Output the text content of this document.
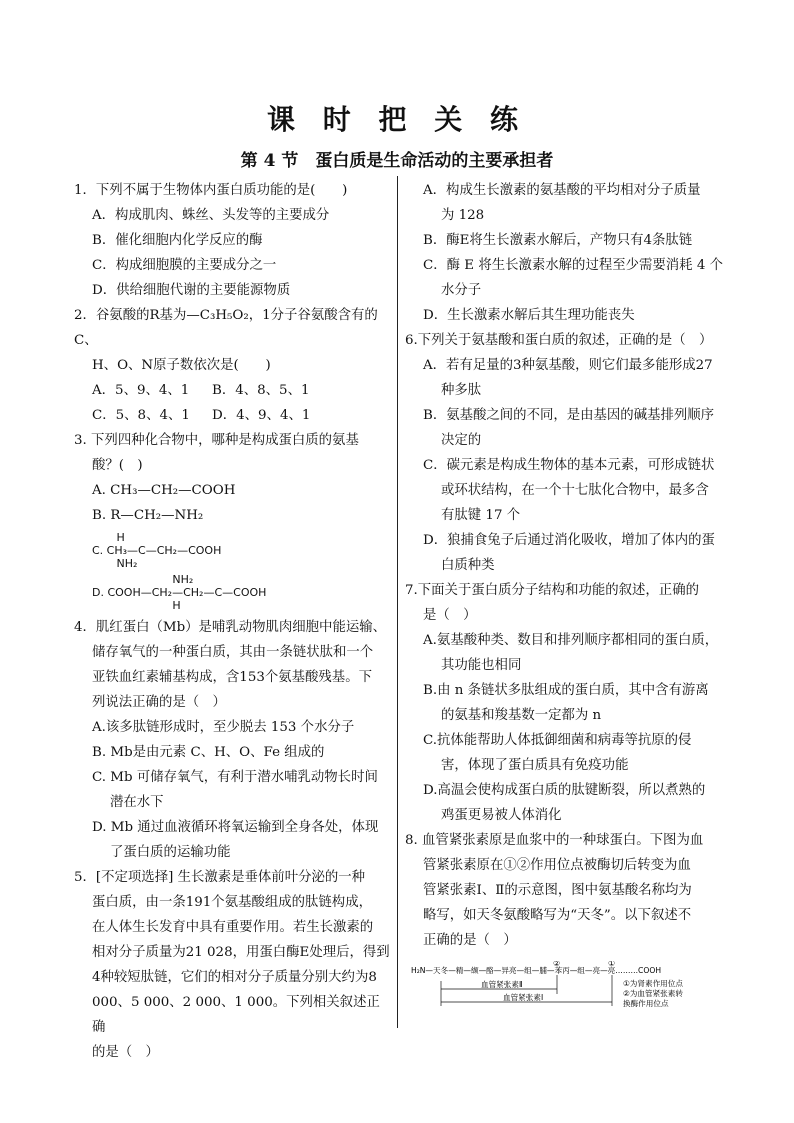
课 时 把 关 练
第 4 节　蛋白质是生命活动的主要承担者

1．下列不属于生物体内蛋白质功能的是(　　)

A．构成肌肉、蛛丝、头发等的主要成分

B．催化细胞内化学反应的酶

C．构成细胞膜的主要成分之一

D．供给细胞代谢的主要能源物质

2．谷氨酸的R基为—C₃H₅O₂，1分子谷氨酸含有的C、

H、O、N原子数依次是(　　)

A．5、9、4、1 B．4、8、5、1

C．5、8、4、1 D．4、9、4、1

3. 下列四种化合物中，哪种是构成蛋白质的氨基

酸？(　)

A. CH₃—CH₂—COOH

B. R—CH₂—NH₂

H
C. CH₃—C—CH₂—COOH
NH₂
NH₂
D. COOH—CH₂—CH₂—C—COOH
H

4．肌红蛋白（Mb）是哺乳动物肌肉细胞中能运输、

储存氧气的一种蛋白质，其由一条链状肽和一个

亚铁血红素辅基构成，含153个氨基酸残基。下

列说法正确的是（　）

A.该多肽链形成时，至少脱去 153 个水分子

B. Mb是由元素 C、H、O、Fe 组成的

C. Mb 可储存氧气，有利于潜水哺乳动物长时间

潜在水下

D. Mb 通过血液循环将氧运输到全身各处，体现

了蛋白质的运输功能

5．[不定项选择] 生长激素是垂体前叶分泌的一种

蛋白质，由一条191个氨基酸组成的肽链构成，

在人体生长发育中具有重要作用。若生长激素的

相对分子质量为21 028，用蛋白酶E处理后，得到

4种较短肽链，它们的相对分子质量分别大约为8

000、5 000、2 000、1 000。下列相关叙述正确

的是（　）

A．构成生长激素的氨基酸的平均相对分子质量

为 128

B．酶E将生长激素水解后，产物只有4条肽链

C．酶 E 将生长激素水解的过程至少需要消耗 4 个

水分子

D．生长激素水解后其生理功能丧失

6.下列关于氨基酸和蛋白质的叙述，正确的是（　）

A．若有足量的3种氨基酸，则它们最多能形成27

种多肽

B．氨基酸之间的不同，是由基因的碱基排列顺序

决定的

C．碳元素是构成生物体的基本元素，可形成链状

或环状结构，在一个十七肽化合物中，最多含

有肽键 17 个

D．狼捕食兔子后通过消化吸收，增加了体内的蛋

白质种类

7.下面关于蛋白质分子结构和功能的叙述，正确的

是（　）

A.氨基酸种类、数目和排列顺序都相同的蛋白质，

其功能也相同

B.由 n 条链状多肽组成的蛋白质，其中含有游离

的氨基和羧基数一定都为 n

C.抗体能帮助人体抵御细菌和病毒等抗原的侵

害，体现了蛋白质具有免疫功能

D.高温会使构成蛋白质的肽键断裂，所以煮熟的

鸡蛋更易被人体消化

8. 血管紧张素原是血浆中的一种球蛋白。下图为血

管紧张素原在①②作用位点被酶切后转变为血

管紧张素Ⅰ、Ⅱ的示意图，图中氨基酸名称均为

略写，如天冬氨酸略写为“天冬”。以下叙述不

正确的是（　）

H₂N—天冬—精—缬—酪—异亮—组—脯—苯丙—组—亮—亮………COOH
②	①
血管紧张素Ⅱ
血管紧张素Ⅰ
①为肾素作用位点
②为血管紧张素转
换酶作用位点
